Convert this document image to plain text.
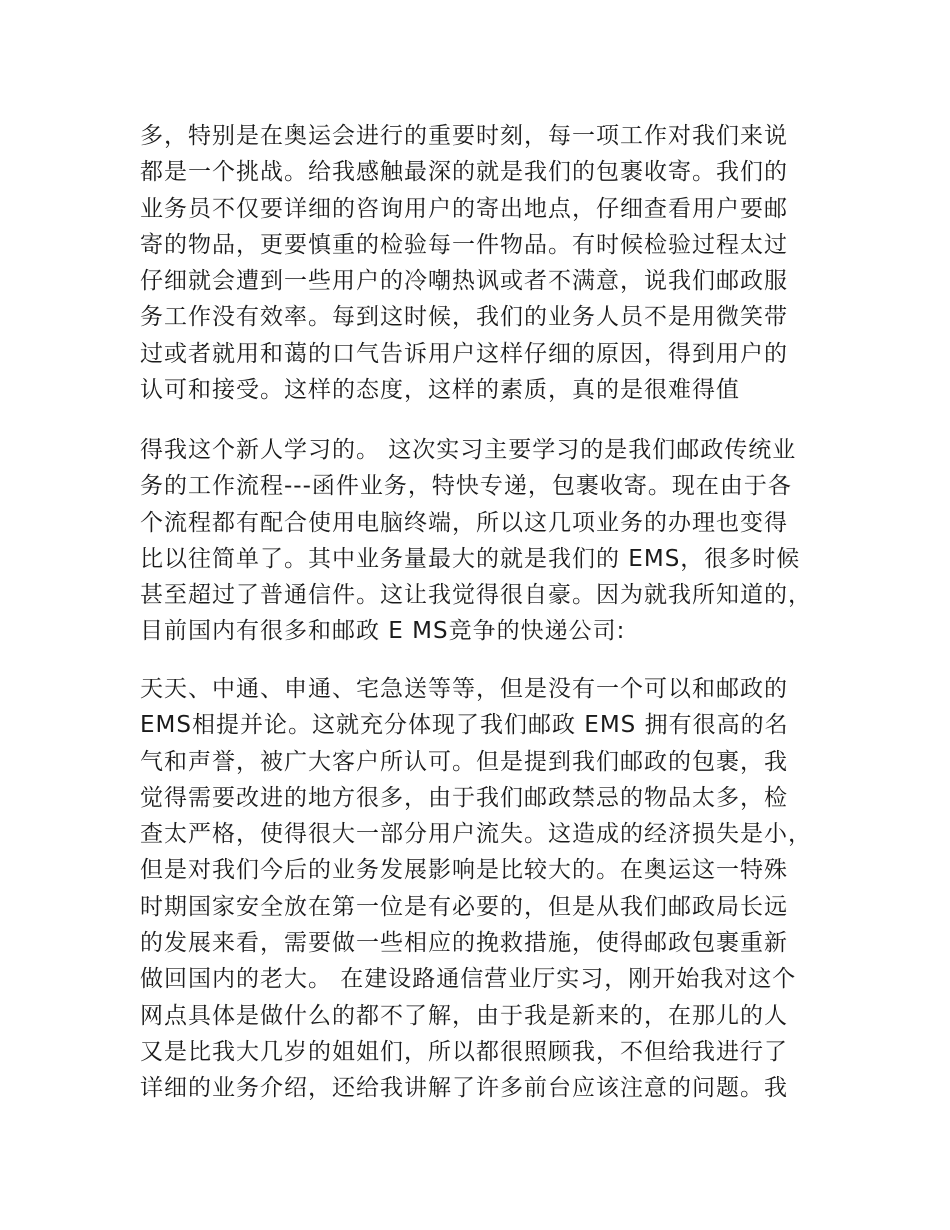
多，特别是在奥运会进行的重要时刻，每一项工作对我们来说
都是一个挑战。给我感触最深的就是我们的包裹收寄。我们的
业务员不仅要详细的咨询用户的寄出地点，仔细查看用户要邮
寄的物品，更要慎重的检验每一件物品。有时候检验过程太过
仔细就会遭到一些用户的冷嘲热讽或者不满意，说我们邮政服
务工作没有效率。每到这时候，我们的业务人员不是用微笑带
过或者就用和蔼的口气告诉用户这样仔细的原因，得到用户的
认可和接受。这样的态度，这样的素质，真的是很难得值
得我这个新人学习的。 这次实习主要学习的是我们邮政传统业
务的工作流程---函件业务，特快专递，包裹收寄。现在由于各
个流程都有配合使用电脑终端，所以这几项业务的办理也变得
比以往简单了。其中业务量最大的就是我们的 EMS，很多时候
甚至超过了普通信件。这让我觉得很自豪。因为就我所知道的，
目前国内有很多和邮政 E MS竞争的快递公司:
天天、中通、申通、宅急送等等，但是没有一个可以和邮政的
EMS相提并论。这就充分体现了我们邮政 EMS 拥有很高的名
气和声誉，被广大客户所认可。但是提到我们邮政的包裹，我
觉得需要改进的地方很多，由于我们邮政禁忌的物品太多，检
查太严格，使得很大一部分用户流失。这造成的经济损失是小，
但是对我们今后的业务发展影响是比较大的。在奥运这一特殊
时期国家安全放在第一位是有必要的，但是从我们邮政局长远
的发展来看，需要做一些相应的挽救措施，使得邮政包裹重新
做回国内的老大。 在建设路通信营业厅实习，刚开始我对这个
网点具体是做什么的都不了解，由于我是新来的，在那儿的人
又是比我大几岁的姐姐们，所以都很照顾我，不但给我进行了
详细的业务介绍，还给我讲解了许多前台应该注意的问题。我
